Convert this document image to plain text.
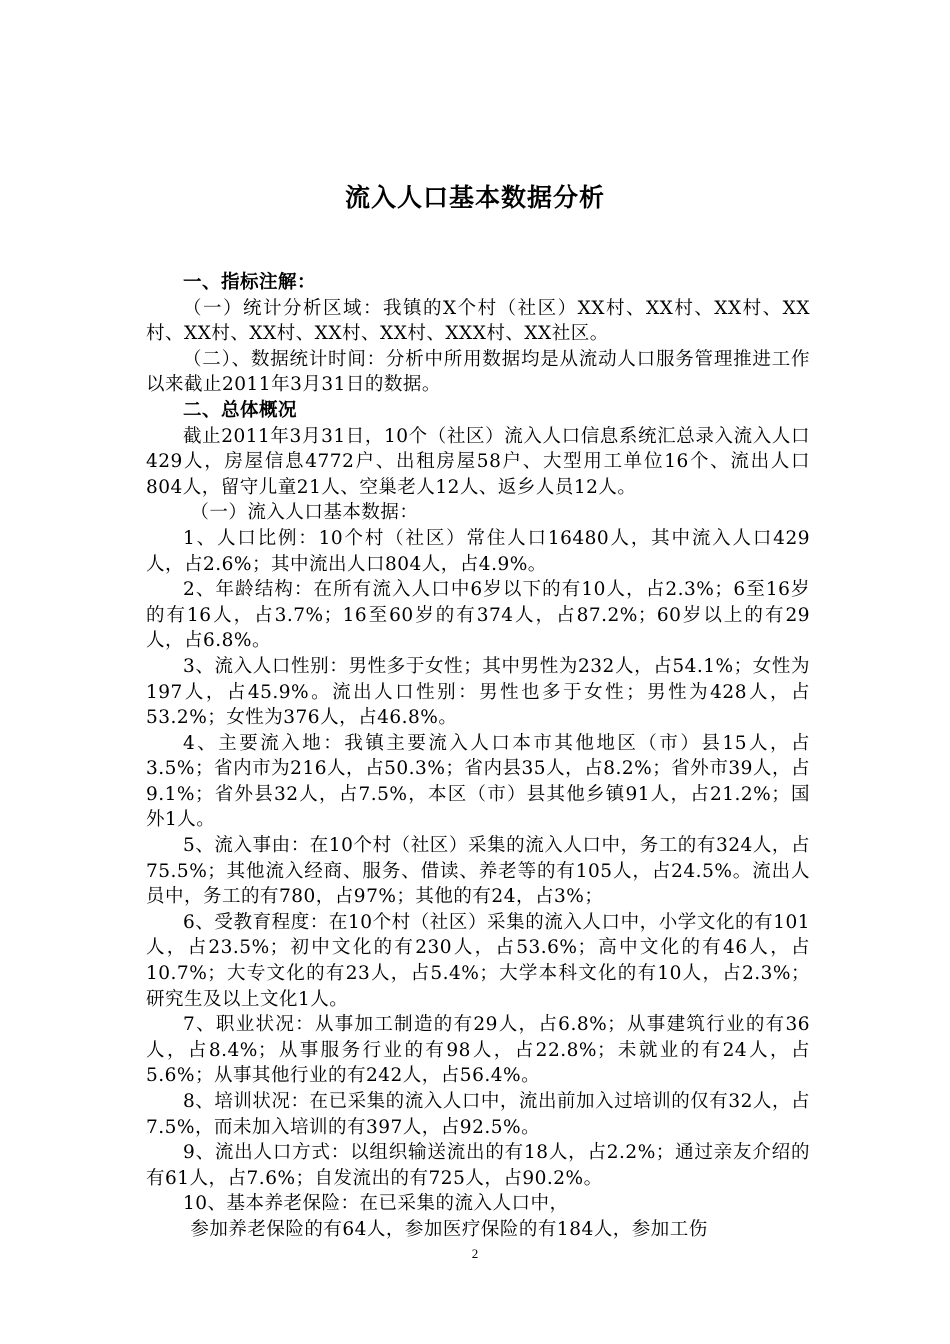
流入人口基本数据分析

一、指标注解：

（一）统计分析区域：我镇的X个村（社区）XX村、XX村、XX村、XX村、XX村、XX村、XX村、XX村、XXX村、XX社区。

（二）、数据统计时间：分析中所用数据均是从流动人口服务管理推进工作以来截止2011年3月31日的数据。

二、总体概况

截止2011年3月31日，10个（社区）流入人口信息系统汇总录入流入人口429人，房屋信息4772户、出租房屋58户、大型用工单位16个、流出人口804人，留守儿童21人、空巢老人12人、返乡人员12人。

（一）流入人口基本数据：

1、人口比例：10个村（社区）常住人口16480人，其中流入人口429人，占2.6%；其中流出人口804人，占4.9%。

2、年龄结构：在所有流入人口中6岁以下的有10人，占2.3%；6至16岁的有16人，占3.7%；16至60岁的有374人，占87.2%；60岁以上的有29人，占6.8%。

3、流入人口性别：男性多于女性；其中男性为232人，占54.1%；女性为197人，占45.9%。流出人口性别：男性也多于女性；男性为428人，占53.2%；女性为376人，占46.8%。

4、主要流入地：我镇主要流入人口本市其他地区（市）县15人，占3.5%；省内市为216人，占50.3%；省内县35人，占8.2%；省外市39人，占9.1%；省外县32人，占7.5%，本区（市）县其他乡镇91人，占21.2%；国外1人。

5、流入事由：在10个村（社区）采集的流入人口中，务工的有324人，占75.5%；其他流入经商、服务、借读、养老等的有105人，占24.5%。流出人员中，务工的有780，占97%；其他的有24，占3%；

6、受教育程度：在10个村（社区）采集的流入人口中，小学文化的有101人，占23.5%；初中文化的有230人，占53.6%；高中文化的有46人，占10.7%；大专文化的有23人，占5.4%；大学本科文化的有10人，占2.3%；研究生及以上文化1人。

7、职业状况：从事加工制造的有29人，占6.8%；从事建筑行业的有36人，占8.4%；从事服务行业的有98人，占22.8%；未就业的有24人，占5.6%；从事其他行业的有242人，占56.4%。

8、培训状况：在已采集的流入人口中，流出前加入过培训的仅有32人，占7.5%，而未加入培训的有397人，占92.5%。

9、流出人口方式：以组织输送流出的有18人，占2.2%；通过亲友介绍的有61人，占7.6%；自发流出的有725人，占90.2%。

10、基本养老保险：在已采集的流入人口中，

参加养老保险的有64人，参加医疗保险的有184人，参加工伤

2
